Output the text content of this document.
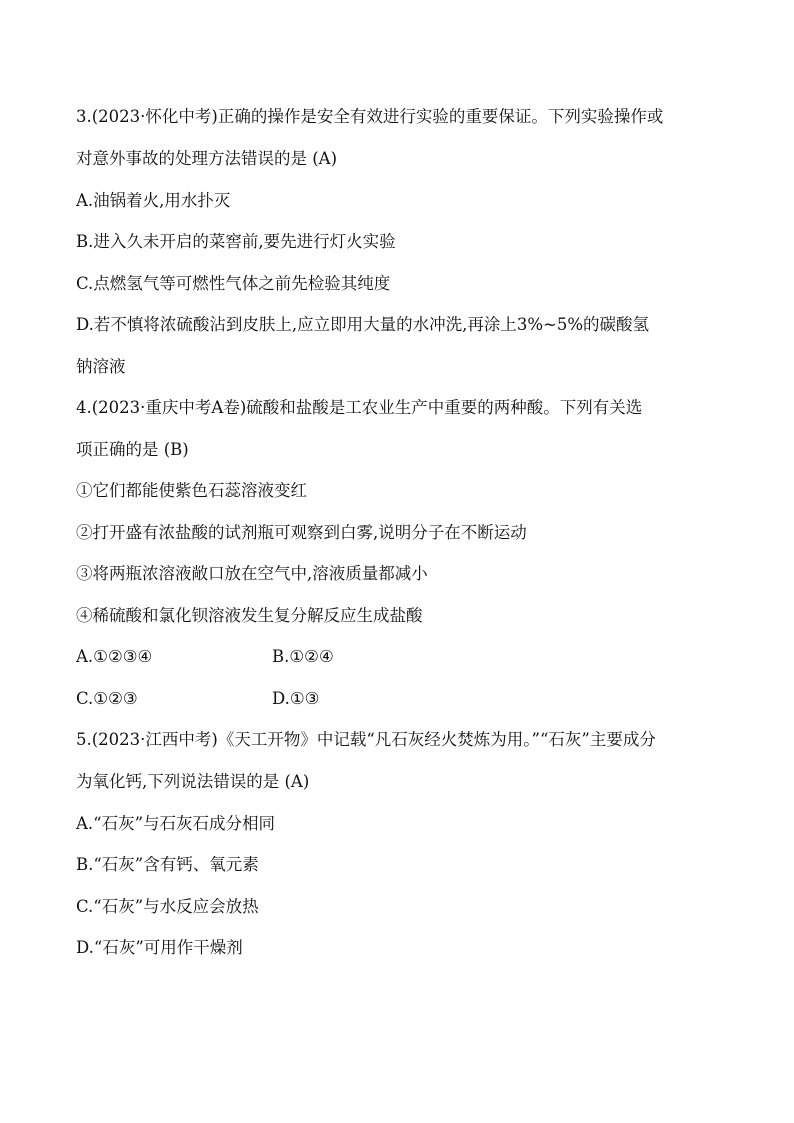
3.(2023·怀化中考)正确的操作是安全有效进行实验的重要保证。下列实验操作或
对意外事故的处理方法错误的是 (A)
A.油锅着火,用水扑灭
B.进入久未开启的菜窖前,要先进行灯火实验
C.点燃氢气等可燃性气体之前先检验其纯度
D.若不慎将浓硫酸沾到皮肤上,应立即用大量的水冲洗,再涂上3%~5%的碳酸氢
钠溶液
4.(2023·重庆中考A卷)硫酸和盐酸是工农业生产中重要的两种酸。下列有关选
项正确的是 (B)
①它们都能使紫色石蕊溶液变红
②打开盛有浓盐酸的试剂瓶可观察到白雾,说明分子在不断运动
③将两瓶浓溶液敞口放在空气中,溶液质量都减小
④稀硫酸和氯化钡溶液发生复分解反应生成盐酸
A.①②③④	B.①②④
C.①②③	D.①③
5.(2023·江西中考)《天工开物》中记载“凡石灰经火焚炼为用。”“石灰”主要成分
为氧化钙,下列说法错误的是 (A)
A.“石灰”与石灰石成分相同
B.“石灰”含有钙、氧元素
C.“石灰”与水反应会放热
D.“石灰”可用作干燥剂
